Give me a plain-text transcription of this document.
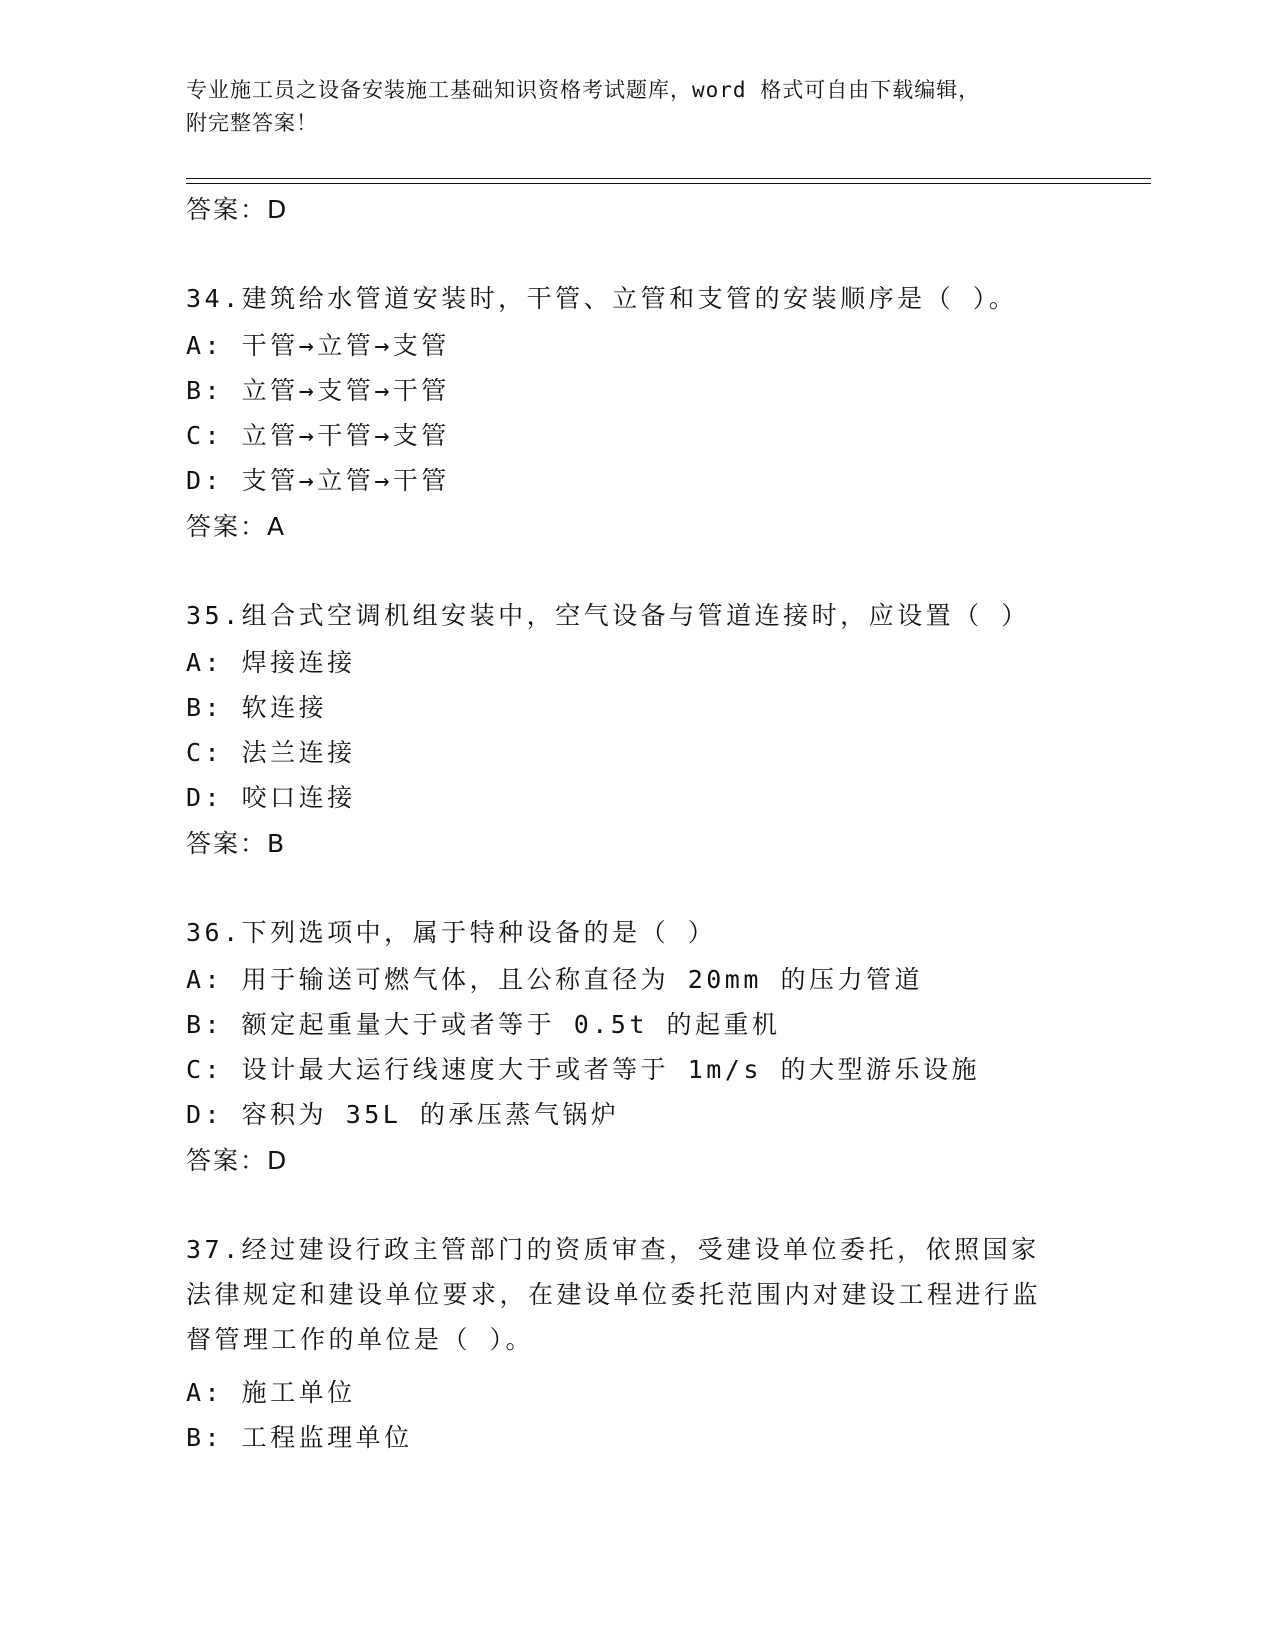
专业施工员之设备安装施工基础知识资格考试题库，word 格式可自由下载编辑，
附完整答案！
答案：D
34.建筑给水管道安装时，干管、立管和支管的安装顺序是（ ）。
A: 干管→立管→支管
B: 立管→支管→干管
C: 立管→干管→支管
D: 支管→立管→干管
答案：A
35.组合式空调机组安装中，空气设备与管道连接时，应设置（ ）
A: 焊接连接
B: 软连接
C: 法兰连接
D: 咬口连接
答案：B
36.下列选项中，属于特种设备的是（ ）
A: 用于输送可燃气体，且公称直径为 20mm 的压力管道
B: 额定起重量大于或者等于 0.5t 的起重机
C: 设计最大运行线速度大于或者等于 1m/s 的大型游乐设施
D: 容积为 35L 的承压蒸气锅炉
答案：D
37.经过建设行政主管部门的资质审查，受建设单位委托，依照国家法律规定和建设单位要求，在建设单位委托范围内对建设工程进行监督管理工作的单位是（ ）。
A: 施工单位
B: 工程监理单位
